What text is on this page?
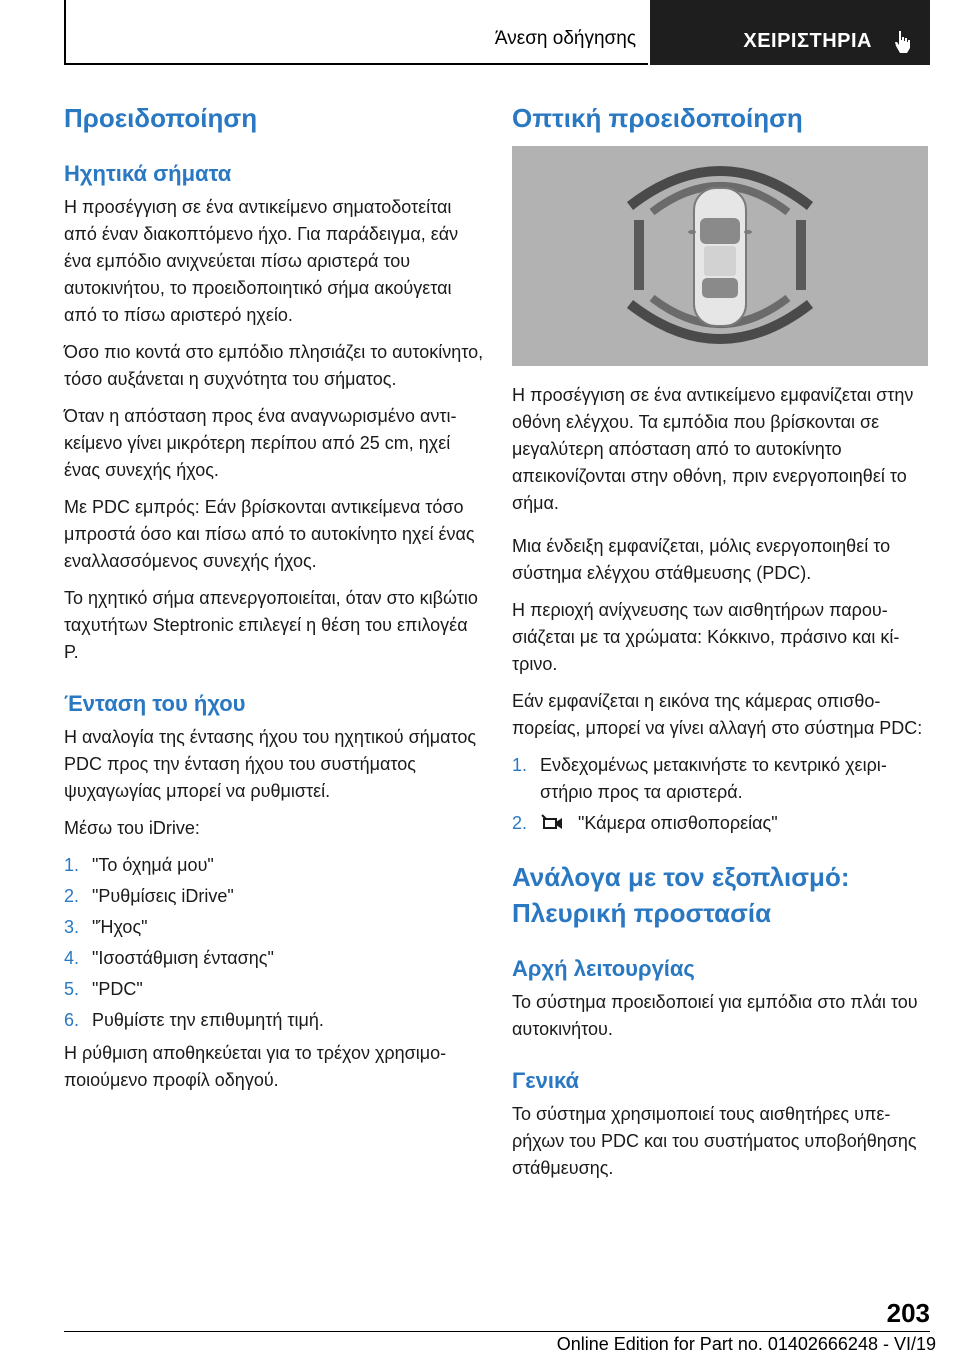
Άνεση οδήγησης	ΧΕΙΡΙΣΤΗΡΙΑ
Προειδοποίηση
Ηχητικά σήματα

Η προσέγγιση σε ένα αντικείμενο σηματοδοτείται από έναν διακοπτόμενο ήχο. Για παράδειγμα, εάν ένα εμπόδιο ανιχνεύεται πίσω αριστερά του αυτοκινήτου, το προειδοποιητικό σήμα ακούγεται από το πίσω αριστερό ηχείο.

Όσο πιο κοντά στο εμπόδιο πλησιάζει το αυτοκίνητο, τόσο αυξάνεται η συχνότητα του σήματος.

Όταν η απόσταση προς ένα αναγνωρισμένο αντικείμενο γίνει μικρότερη περίπου από 25 cm, ηχεί ένας συνεχής ήχος.

Με PDC εμπρός: Εάν βρίσκονται αντικείμενα τόσο μπροστά όσο και πίσω από το αυτοκίνητο ηχεί ένας εναλλασσόμενος συνεχής ήχος.

Το ηχητικό σήμα απενεργοποιείται, όταν στο κιβώτιο ταχυτήτων Steptronic επιλεγεί η θέση του επιλογέα P.

Ένταση του ήχου

Η αναλογία της έντασης ήχου του ηχητικού σήματος PDC προς την ένταση ήχου του συστήματος ψυχαγωγίας μπορεί να ρυθμιστεί.

Μέσω του iDrive:

1. "Το όχημά μου"
2. "Ρυθμίσεις iDrive"
3. "Ήχος"
4. "Ισοστάθμιση έντασης"
5. "PDC"
6. Ρυθμίστε την επιθυμητή τιμή.

Η ρύθμιση αποθηκεύεται για το τρέχον χρησιμοποιούμενο προφίλ οδηγού.

Οπτική προειδοποίηση

Η προσέγγιση σε ένα αντικείμενο εμφανίζεται στην οθόνη ελέγχου. Τα εμπόδια που βρίσκονται σε μεγαλύτερη απόσταση από το αυτοκίνητο απεικονίζονται στην οθόνη, πριν ενεργοποιηθεί το σήμα.

Μια ένδειξη εμφανίζεται, μόλις ενεργοποιηθεί το σύστημα ελέγχου στάθμευσης (PDC).

Η περιοχή ανίχνευσης των αισθητήρων παρουσιάζεται με τα χρώματα: Κόκκινο, πράσινο και κίτρινο.

Εάν εμφανίζεται η εικόνα της κάμερας οπισθοπορείας, μπορεί να γίνει αλλαγή στο σύστημα PDC:

1. Ενδεχομένως μετακινήστε το κεντρικό χειριστήριο προς τα αριστερά.
2.	"Κάμερα οπισθοπορείας"
Ανάλογα με τον εξοπλισμό: Πλευρική προστασία
Αρχή λειτουργίας

Το σύστημα προειδοποιεί για εμπόδια στο πλάι του αυτοκινήτου.

Γενικά

Το σύστημα χρησιμοποιεί τους αισθητήρες υπερήχων του PDC και του συστήματος υποβοήθησης στάθμευσης.

203
Online Edition for Part no. 01402666248 - VI/19
